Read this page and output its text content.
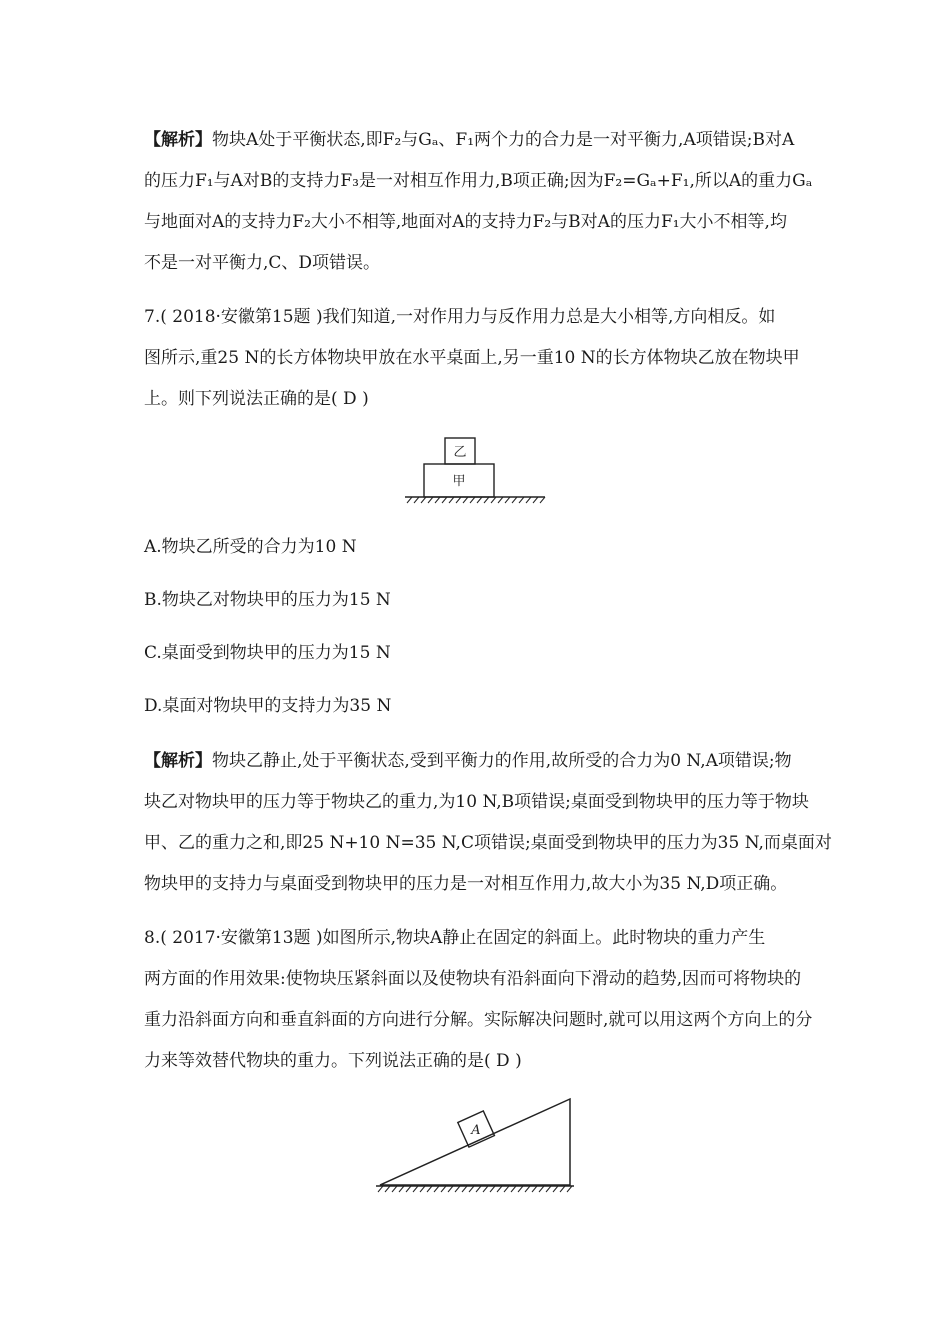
【解析】物块A处于平衡状态,即F₂与Gₐ、F₁两个力的合力是一对平衡力,A项错误;B对A
的压力F₁与A对B的支持力F₃是一对相互作用力,B项正确;因为F₂=Gₐ+F₁,所以A的重力Gₐ
与地面对A的支持力F₂大小不相等,地面对A的支持力F₂与B对A的压力F₁大小不相等,均
不是一对平衡力,C、D项错误。
7.( 2018·安徽第15题 )我们知道,一对作用力与反作用力总是大小相等,方向相反。如
图所示,重25 N的长方体物块甲放在水平桌面上,另一重10 N的长方体物块乙放在物块甲
上。则下列说法正确的是( D )
乙
甲
A.物块乙所受的合力为10 N
B.物块乙对物块甲的压力为15 N
C.桌面受到物块甲的压力为15 N
D.桌面对物块甲的支持力为35 N
【解析】物块乙静止,处于平衡状态,受到平衡力的作用,故所受的合力为0 N,A项错误;物
块乙对物块甲的压力等于物块乙的重力,为10 N,B项错误;桌面受到物块甲的压力等于物块
甲、乙的重力之和,即25 N+10 N=35 N,C项错误;桌面受到物块甲的压力为35 N,而桌面对
物块甲的支持力与桌面受到物块甲的压力是一对相互作用力,故大小为35 N,D项正确。
8.( 2017·安徽第13题 )如图所示,物块A静止在固定的斜面上。此时物块的重力产生
两方面的作用效果:使物块压紧斜面以及使物块有沿斜面向下滑动的趋势,因而可将物块的
重力沿斜面方向和垂直斜面的方向进行分解。实际解决问题时,就可以用这两个方向上的分
力来等效替代物块的重力。下列说法正确的是( D )
A
